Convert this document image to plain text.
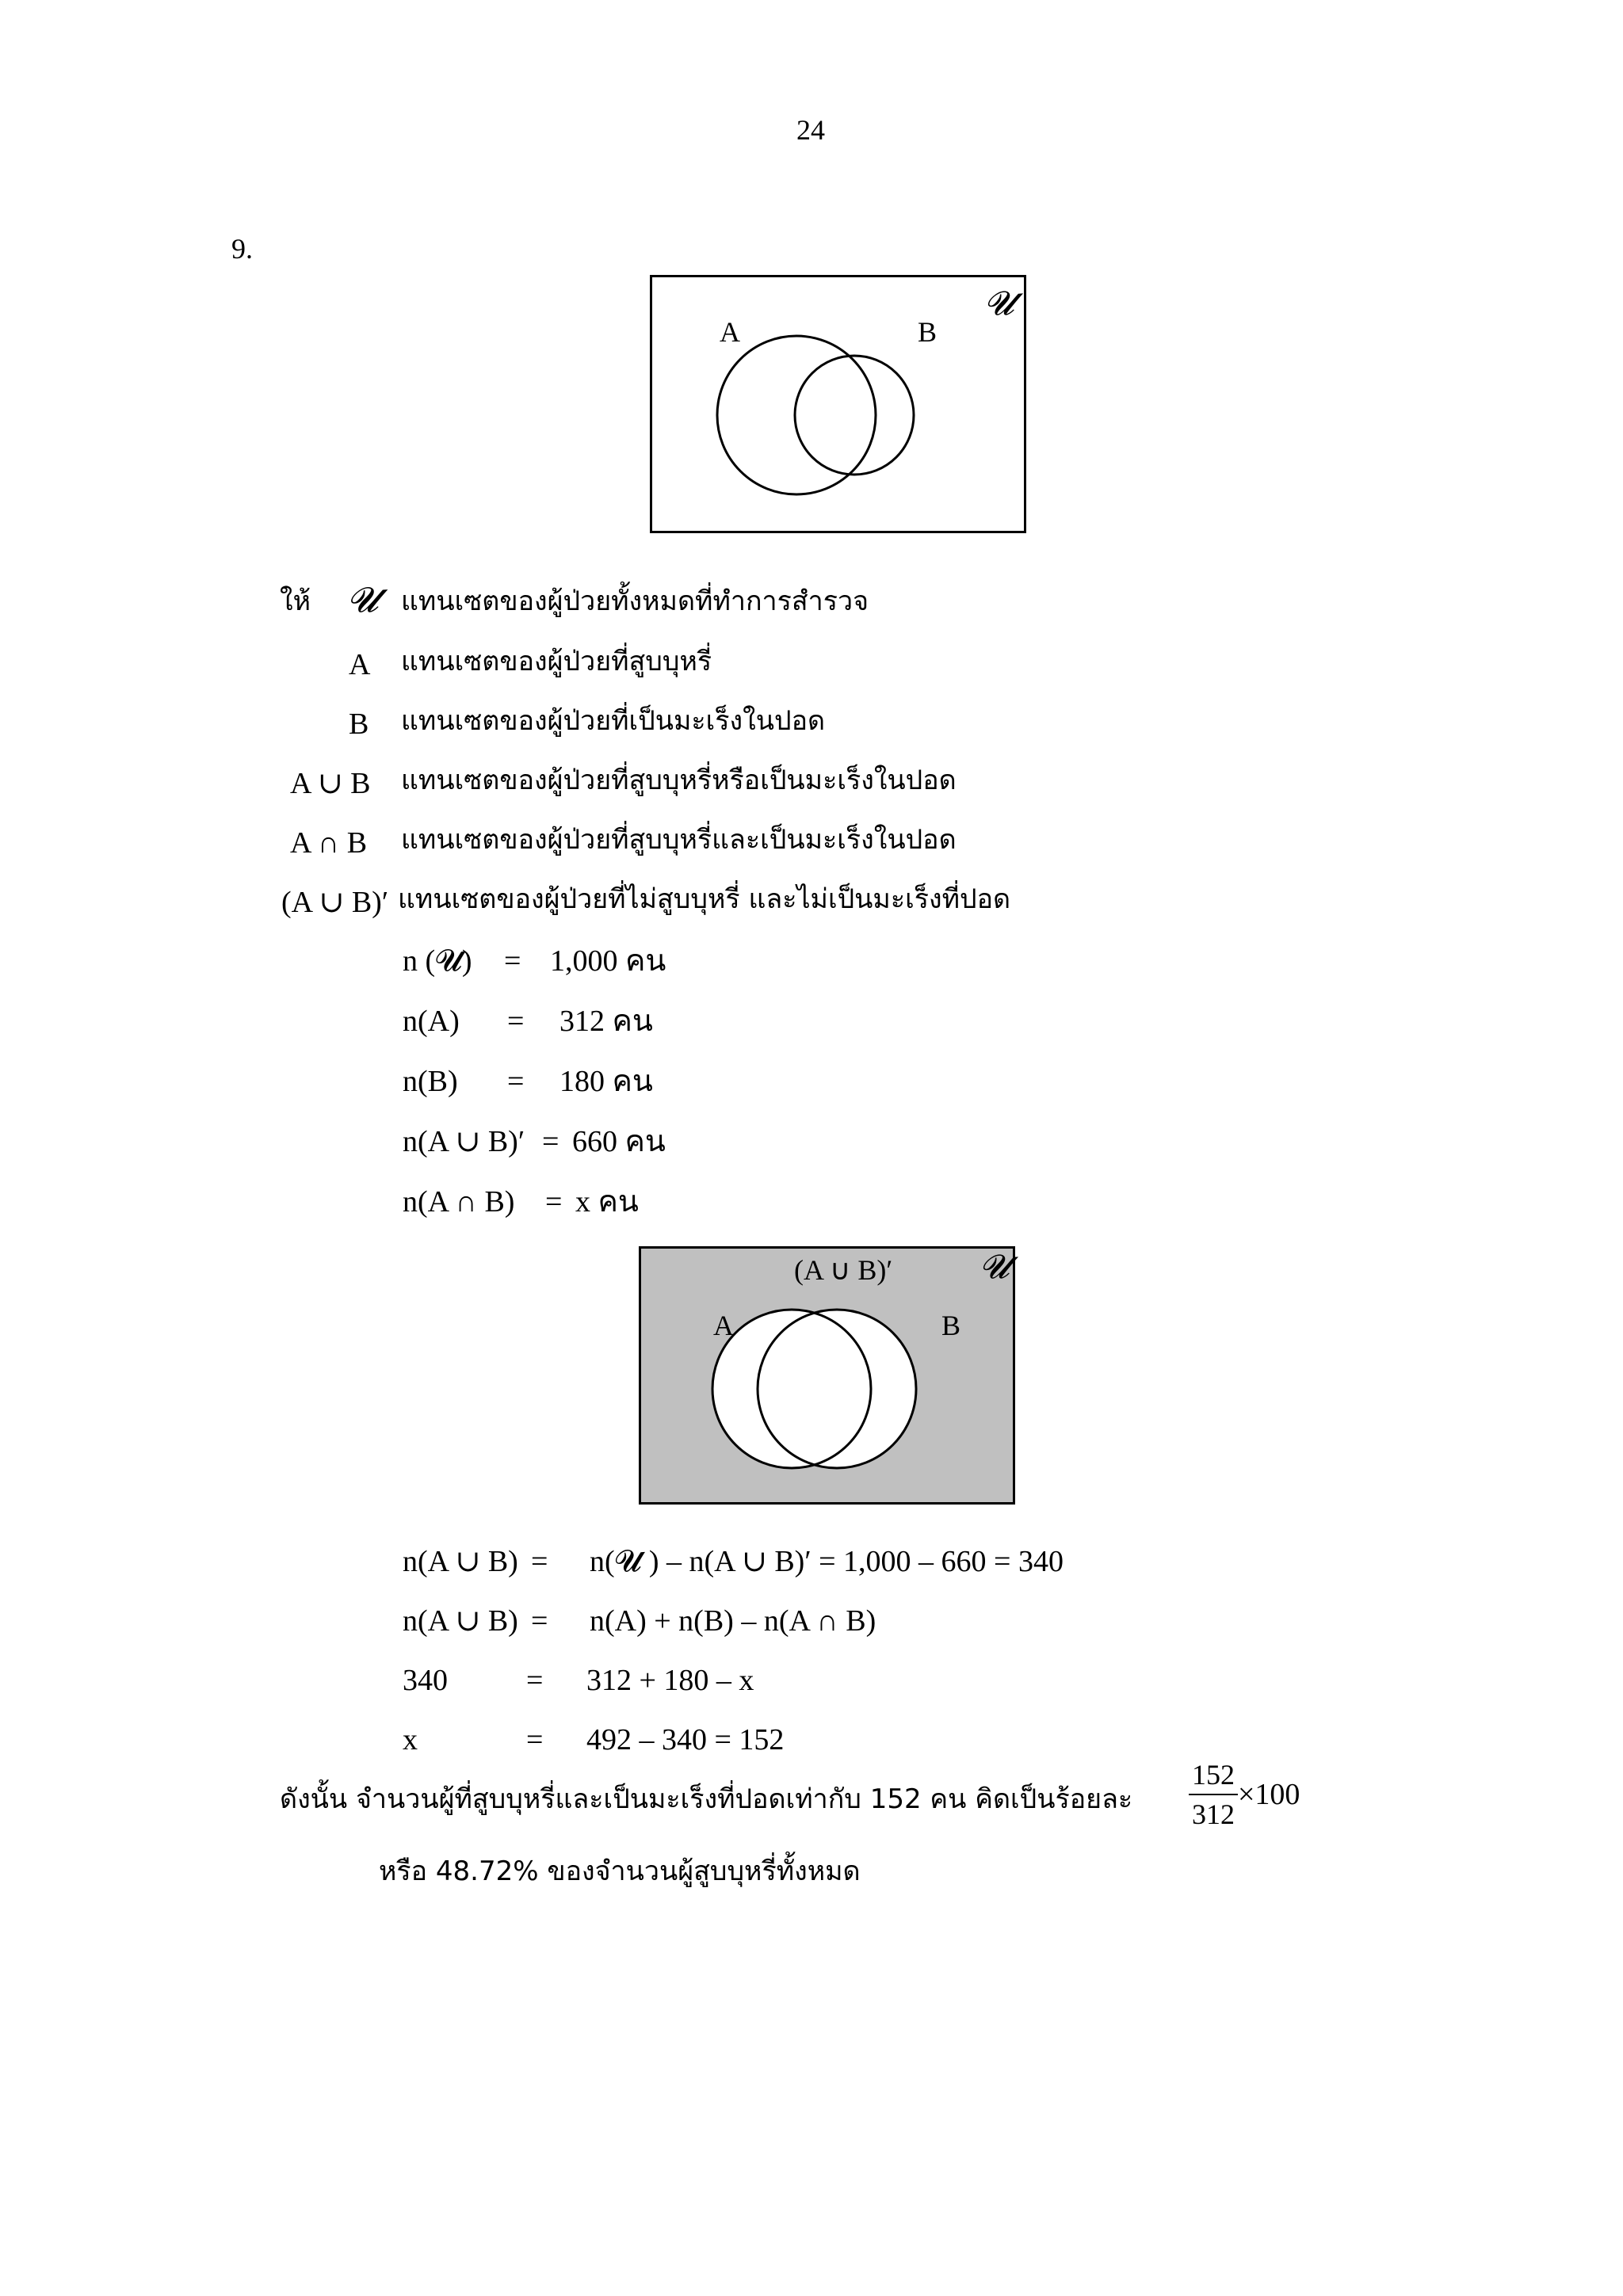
24
9.
A	B
𝓤
ให้ 𝓤 แทนเซตของผู้ป่วยทั้งหมดที่ทำการสำรวจ
A แทนเซตของผู้ป่วยที่สูบบุหรี่
B แทนเซตของผู้ป่วยที่เป็นมะเร็งในปอด
A ∪ B แทนเซตของผู้ป่วยที่สูบบุหรี่หรือเป็นมะเร็งในปอด
A ∩ B แทนเซตของผู้ป่วยที่สูบบุหรี่และเป็นมะเร็งในปอด
(A ∪ B)′ แทนเซตของผู้ป่วยที่ไม่สูบบุหรี่ และไม่เป็นมะเร็งที่ปอด
n (𝓤) = 1,000 คน
n(A) = 312 คน
n(B) = 180 คน
n(A ∪ B)′ = 660 คน
n(A ∩ B) = x คน
A	B
(A ∪ B)′	𝓤
n(A ∪ B) = n(𝓤 ) – n(A ∪ B)′ = 1,000 – 660 = 340
n(A ∪ B) = n(A) + n(B) – n(A ∩ B)
340	= 312 + 180 – x
x	= 492 – 340 = 152
ดังนั้น จำนวนผู้ที่สูบบุหรี่และเป็นมะเร็งที่ปอดเท่ากับ 152 คน คิดเป็นร้อยละ $\frac{152}{312} \times 100$
หรือ 48.72% ของจำนวนผู้สูบบุหรี่ทั้งหมด
